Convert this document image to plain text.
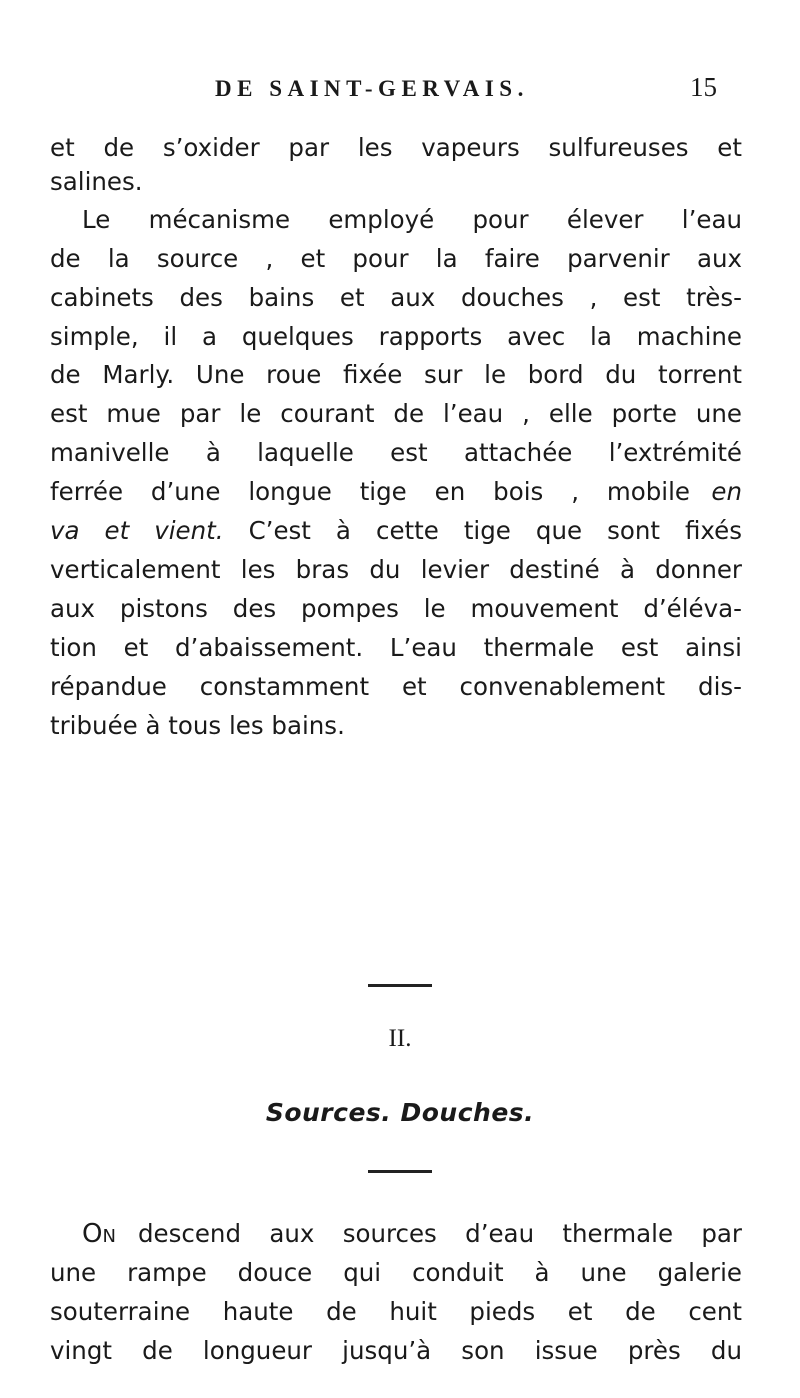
DE SAINT-GERVAIS.	15
et de s’oxider par les vapeurs sulfureuses et
salines.
Le mécanisme employé pour élever l’eau
de la source , et pour la faire parvenir aux
cabinets des bains et aux douches , est très-
simple, il a quelques rapports avec la machine
de Marly. Une roue fixée sur le bord du torrent
est mue par le courant de l’eau , elle porte une
manivelle à laquelle est attachée l’extrémité
ferrée d’une longue tige en bois , mobile en
va et vient. C’est à cette tige que sont fixés
verticalement les bras du levier destiné à donner
aux pistons des pompes le mouvement d’éléva-
tion et d’abaissement. L’eau thermale est ainsi
répandue constamment et convenablement dis-
tribuée à tous les bains.
II.
Sources. Douches.
On descend aux sources d’eau thermale par
une rampe douce qui conduit à une galerie
souterraine haute de huit pieds et de cent
vingt de longueur jusqu’à son issue près du
